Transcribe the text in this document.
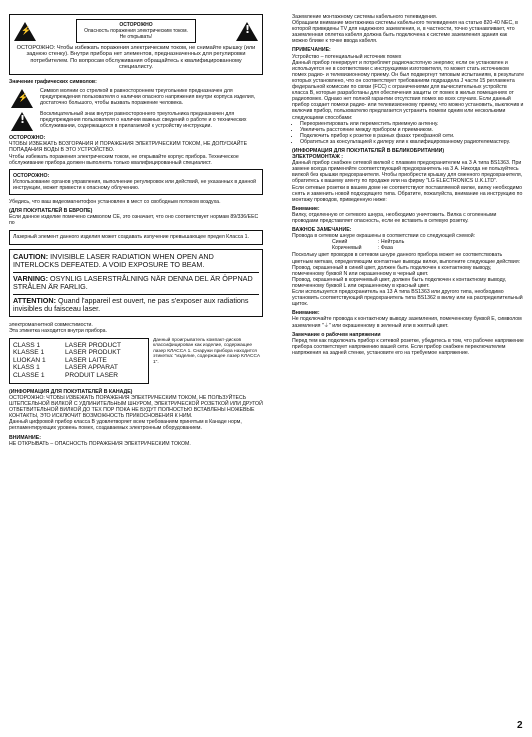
⚡
ОСТОРОЖНО
Опасность поражения электрическим током. Не открывать!
!
ОСТОРОЖНО: Чтобы избежать поражения электрическим током, не снимайте крышку (или заднюю стенку). Внутри прибора нет элементов, предназначенных для регулировки потребителем. По вопросам обслуживания обращайтесь к квалифицированному специалисту.

Значение графических символов:

⚡
Символ молнии со стрелкой в равностороннем треугольнике предназначен для предупреждения пользователя о наличии опасного напряжения внутри корпуса изделия, достаточно большого, чтобы вызвать поражение человека.
!
Восклицательный знак внутри равностороннего треугольника предназначен для предупреждения пользователя о наличии важных сведений о работе и о технических обслуживании, содержащихся в прилагаемой к устройству инструкции.

ОСТОРОЖНО:

ЧТОБЫ ИЗБЕЖАТЬ ВОЗГОРАНИЯ И ПОРАЖЕНИЯ ЭЛЕКТРИЧЕСКИМ ТОКОМ, НЕ ДОПУСКАЙТЕ ПОПАДАНИЯ ВОДЫ В ЭТО УСТРОЙСТВО.
Чтобы избежать поражения электрическим током, не открывайте корпус прибора. Техническое обслуживание прибора должен выполнять только квалифицированный специалист.

ОСТОРОЖНО:
Использование органов управления, выполнение регулировок или действий, не указанных в данной инструкции, может привести к опасному облучению.

Убедись, что ваш видеомагнитофон установлен в мест со свободным потоком воздуха.

(ДЛЯ ПОКУПАТЕЛЕЙ В ЕВРОПЕ)

Если данное изделие помечено символом CE, это означает, что оно соответствует нормам 89/336/EEC по

Лазерный элемент данного изделия может создавать излучение превышающее предел Класса 1.

CAUTION: INVISIBLE LASER RADIATION WHEN OPEN AND INTERLOCKS DEFEATED. A VOID EXPOSURE TO BEAM.

VARNING: OSYNLIG LASERSTRÅLNING NÄR DENNA DEL ÄR ÖPPNAD STRÅLEN ÄR FARLIG.

ATTENTION: Quand l'appareil est ouvert, ne pas s'exposer aux radiations invisibles du faisceau laser.

электромагнитной совместимости.
Эта этикетка находится внутри прибора.

CLASS 1	LASER PRODUCT
KLASSE 1	LASER PRODUKT
LUOKAN 1	LASER LAITE
KLASS 1	LASER APPARAT
CLASSE 1	PRODUIT LASER
Данный проигрыватель компакт-дисков классифицирован как изделие, содержащее лазер КЛАССА 1. Снаружи прибора находится этикетка: "изделие, содержащее лазер КЛАССА 1".

(ИНФОРМАЦИЯ ДЛЯ ПОКУПАТЕЛЕЙ В КАНАДЕ)

ОСТОРОЖНО: ЧТОБЫ ИЗБЕЖАТЬ ПОРАЖЕНИЯ ЭЛЕКТРИЧЕСКИМ ТОКОМ, НЕ ПОЛЬЗУЙТЕСЬ ШТЕПСЕЛЬНОЙ ВИЛКОЙ С УДЛИНИТЕЛЬНЫМ ШНУРОМ, ЭЛЕКТРИЧЕСКОЙ РОЗЕТКОЙ ИЛИ ДРУГОЙ ОТВЕТВИТЕЛЬНОЙ ВИЛКОЙ ДО ТЕХ ПОР ПОКА НЕ БУДУТ ПОЛНОСТЬЮ ВСТАВЛЕНЫ НОЖЕВЫЕ КОНТАКТЫ, ЭТО ИСКЛЮЧИТ ВОЗМОЖНОСТЬ ПРИКОСНОВЕНИЯ К НИМ.
Данный цифровой прибор класса B удовлетворяет всем требованиям принятым в Канаде норм, регламентирующих уровень помех, создаваемых электронным оборудованием.

ВНИМАНИЕ:

НЕ ОТКРЫВАТЬ – ОПАСНОСТЬ ПОРАЖЕНИЯ ЭЛЕКТРИЧЕСКИМ ТОКОМ.

Заземление монтажному системы кабельного телевидения.
Обращаем внимание монтажника системы кабельного телевидения на статью 820-40 NEC, в которой приведены TV для надежного заземления, и, в частности, точно устанавливает, что заземленная оплетка кабеля должна быть подключена к системе заземления здания как можно ближе к точке ввода кабеля.

ПРИМЕЧАНИЕ:

Устройство – потенциальный источник помех
Данный прибор генерирует и потребляет радиочастотную энергию; если он установлен и используется не в соответствии с инструкциями изготовителя, то может стать источником помех радио- и телевизионному приему. Он был подвергнут типовым испытаниям, в результате которых установлено, что он соответствует требованиям подраздела J части 15 регламента федеральной комиссии по связи (FCC) с ограничениями для вычислительных устройств класса B, которые разработаны для обеспечения защиты от помех в жилых помещениях от радиопомех. Однако нет полной гарантии отсутствия помех во всех случаях. Если данный прибор создает помехи радио- или телевизионному приему, что можно установить, выключив и включив прибор, пользователю предлагается устранить помехи одним или несколькими следующими способами:

• Переориентировать или переместить приемную антенну.
• Увеличить расстояние между прибором и приемником.
• Подключить прибор к розетке в разных фазах трехфазной сети.
• Обратиться за консультацией к дилеру или к квалифицированному радиотелемастеру.

(ИНФОРМАЦИЯ ДЛЯ ПОКУПАТЕЛЕЙ В ВЕЛИКОБРИТАНИИ)

ЭЛЕКТРОМОНТАЖ :

Данный прибор снабжен сетевой вилкой с плавким предохранителем на 3 А типа BS1363. При замене всегда применяйте соответствующий предохранитель на 3 А. Никогда не пользуйтесь вилкой без крышки предохранителя. Чтобы приобрести крышку для сменного предохранителя, обратитесь к вашему агенту по продаже или на фирму "LG ELECTRONICS U.K.LTD".
Если сетевые розетки в вашем доме не соответствуют поставляемой вилке, вилку необходимо снять и заменить новой подходящего типа. Обратите, пожалуйста, внимание на инструкцию по монтажу проводов, приведенную ниже:

Внимание:

Вилку, отделенную от сетевого шнура, необходимо уничтожить. Вилка с оголенными проводами представляет опасность, если ее вставить в сетевую розетку.

ВАЖНОЕ ЗАМЕЧАНИЕ:

Провода в сетевом шнуре окрашены в соответствии со следующей схемой:

Синий	: Нейтраль
Коричневый	: Фаза

Поскольку цвет проводов в сетевом шнуре данного прибора может не соответствовать цветным меткам, определяющим контактные выводы вилки, выполните следующие действия:
Провод, окрашенный в синий цвет, должен быть подключен к контактному выводу, помеченному буквой N или окрашенному в черный цвет.
Провод, окрашенный в коричневый цвет, должен быть подключен к контактному выводу, помеченному буквой L или окрашенному в красный цвет.
Если используется предохранитель на 13 А типа BS1363 или другого типа, необходимо установить соответствующий предохранитель типа BS1362 в вилку или на распределительный щиток.

Внимание:

Не подключайте провода к контактному выводу заземления, помеченному буквой E, символом заземления "⏚" или окрашенному в зеленый или в желтый цвет.

Замечание о рабочем напряжении

Перед тем как подключать прибор к сетевой розетке, убедитесь в том, что рабочее напряжение прибора соответствует напряжению вашей сети. Если прибор снабжен переключателем напряжения на задней стенке, установите его на требуемое напряжение.

2
